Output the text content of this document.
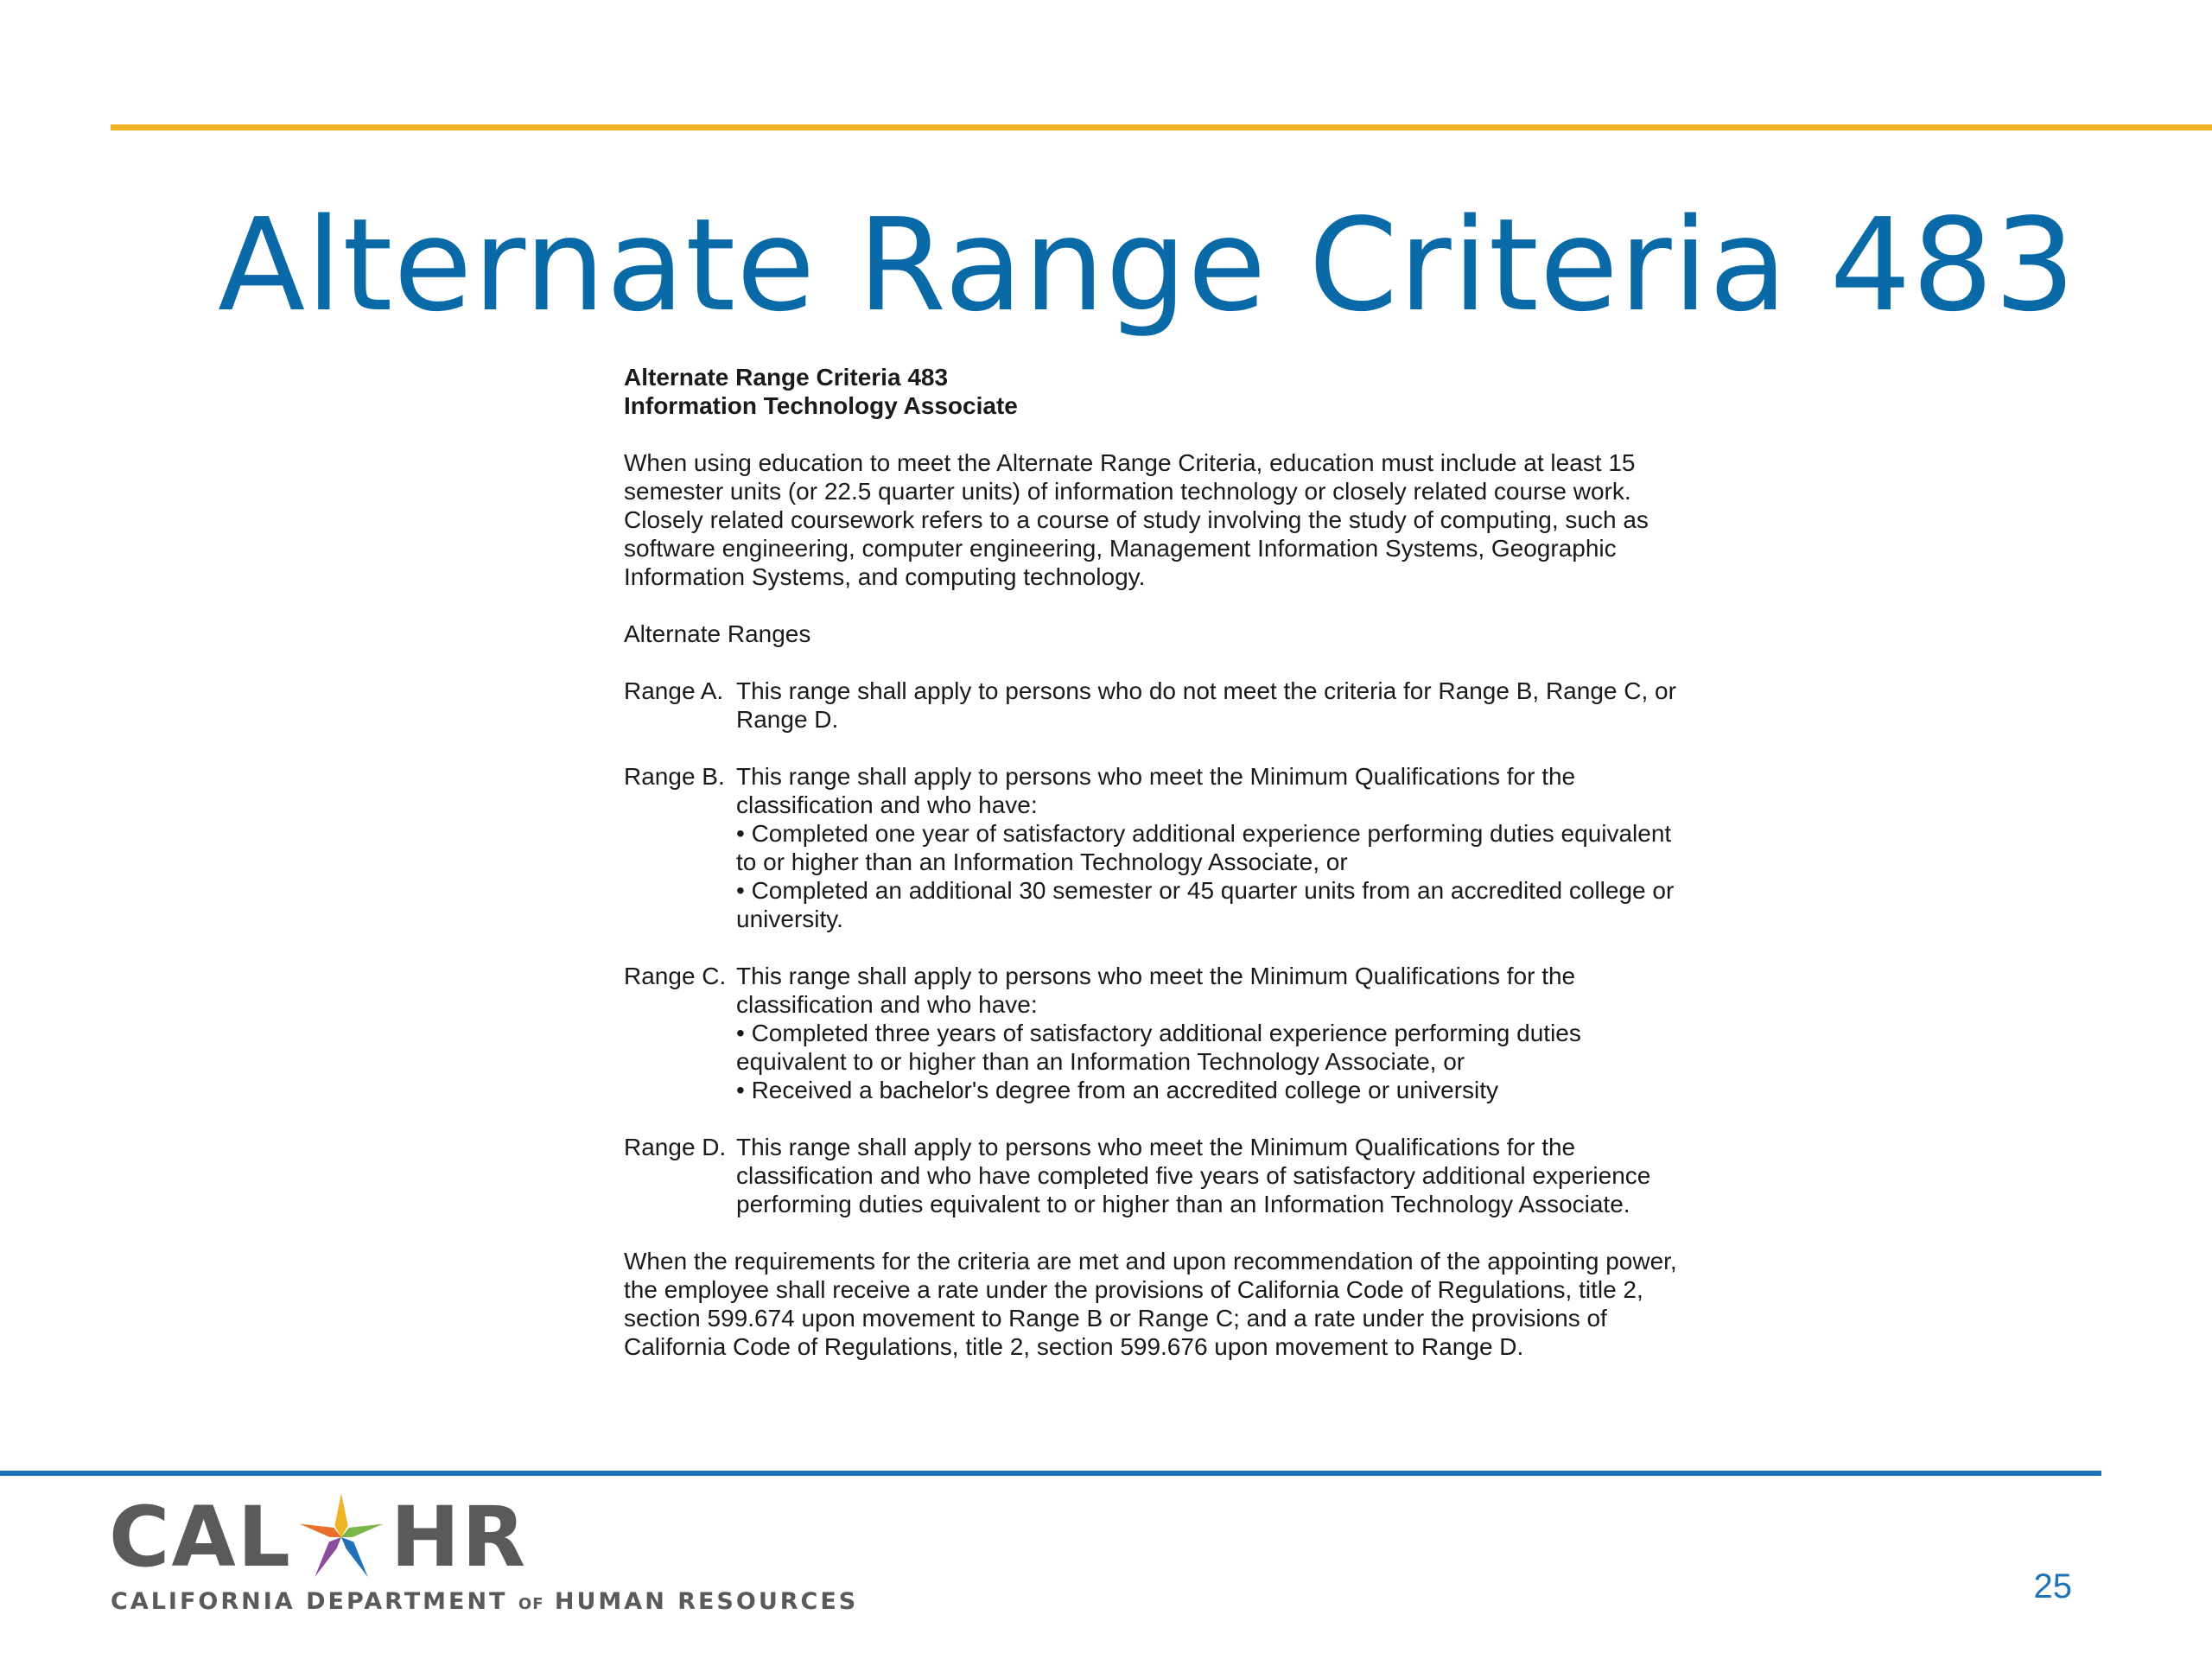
Alternate Range Criteria 483

Alternate Range Criteria 483

Information Technology Associate

When using education to meet the Alternate Range Criteria, education must include at least 15 semester units (or 22.5 quarter units) of information technology or closely related course work. Closely related coursework refers to a course of study involving the study of computing, such as software engineering, computer engineering, Management Information Systems, Geographic Information Systems, and computing technology.

Alternate Ranges

Range A. This range shall apply to persons who do not meet the criteria for Range B, Range C, or Range D.

Range B. This range shall apply to persons who meet the Minimum Qualifications for the classification and who have:

• Completed one year of satisfactory additional experience performing duties equivalent to or higher than an Information Technology Associate, or

• Completed an additional 30 semester or 45 quarter units from an accredited college or university.

Range C. This range shall apply to persons who meet the Minimum Qualifications for the classification and who have:

• Completed three years of satisfactory additional experience performing duties equivalent to or higher than an Information Technology Associate, or

• Received a bachelor's degree from an accredited college or university

Range D. This range shall apply to persons who meet the Minimum Qualifications for the classification and who have completed five years of satisfactory additional experience performing duties equivalent to or higher than an Information Technology Associate.

When the requirements for the criteria are met and upon recommendation of the appointing power, the employee shall receive a rate under the provisions of California Code of Regulations, title 2, section 599.674 upon movement to Range B or Range C; and a rate under the provisions of California Code of Regulations, title 2, section 599.676 upon movement to Range D.

CAL HR
CALIFORNIA DEPARTMENT OF HUMAN RESOURCES	25
